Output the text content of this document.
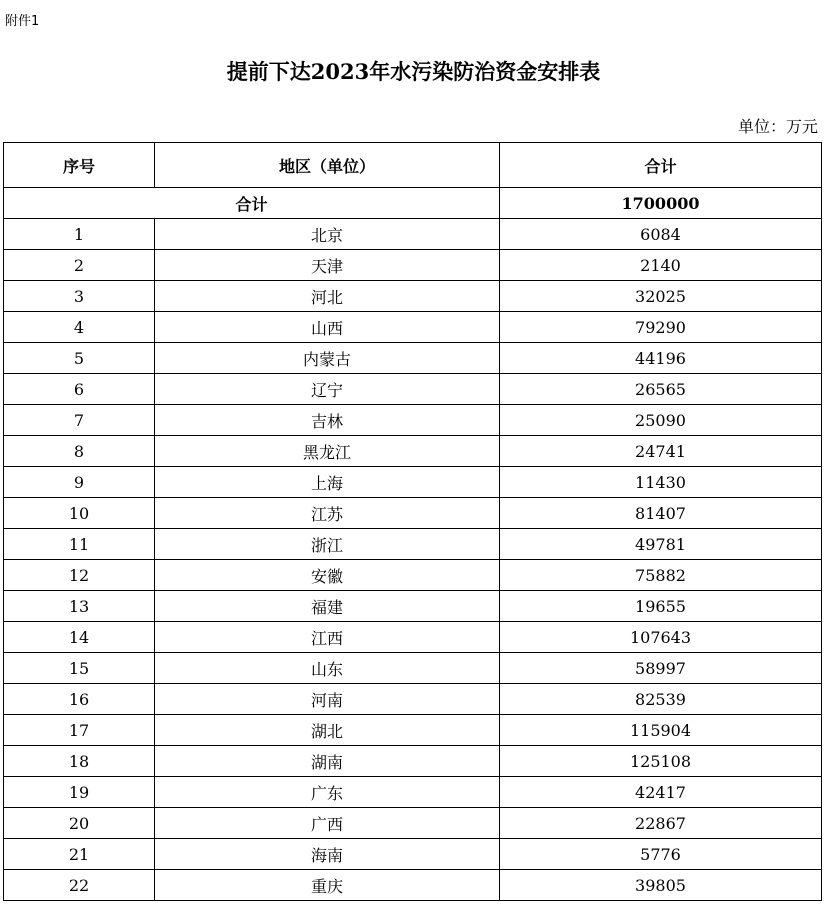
附件1
提前下达2023年水污染防治资金安排表
单位：万元
序号	地区（单位）	合计
合计		1700000
1	北京	6084
2	天津	2140
3	河北	32025
4	山西	79290
5	内蒙古	44196
6	辽宁	26565
7	吉林	25090
8	黑龙江	24741
9	上海	11430
10	江苏	81407
11	浙江	49781
12	安徽	75882
13	福建	19655
14	江西	107643
15	山东	58997
16	河南	82539
17	湖北	115904
18	湖南	125108
19	广东	42417
20	广西	22867
21	海南	5776
22	重庆	39805
